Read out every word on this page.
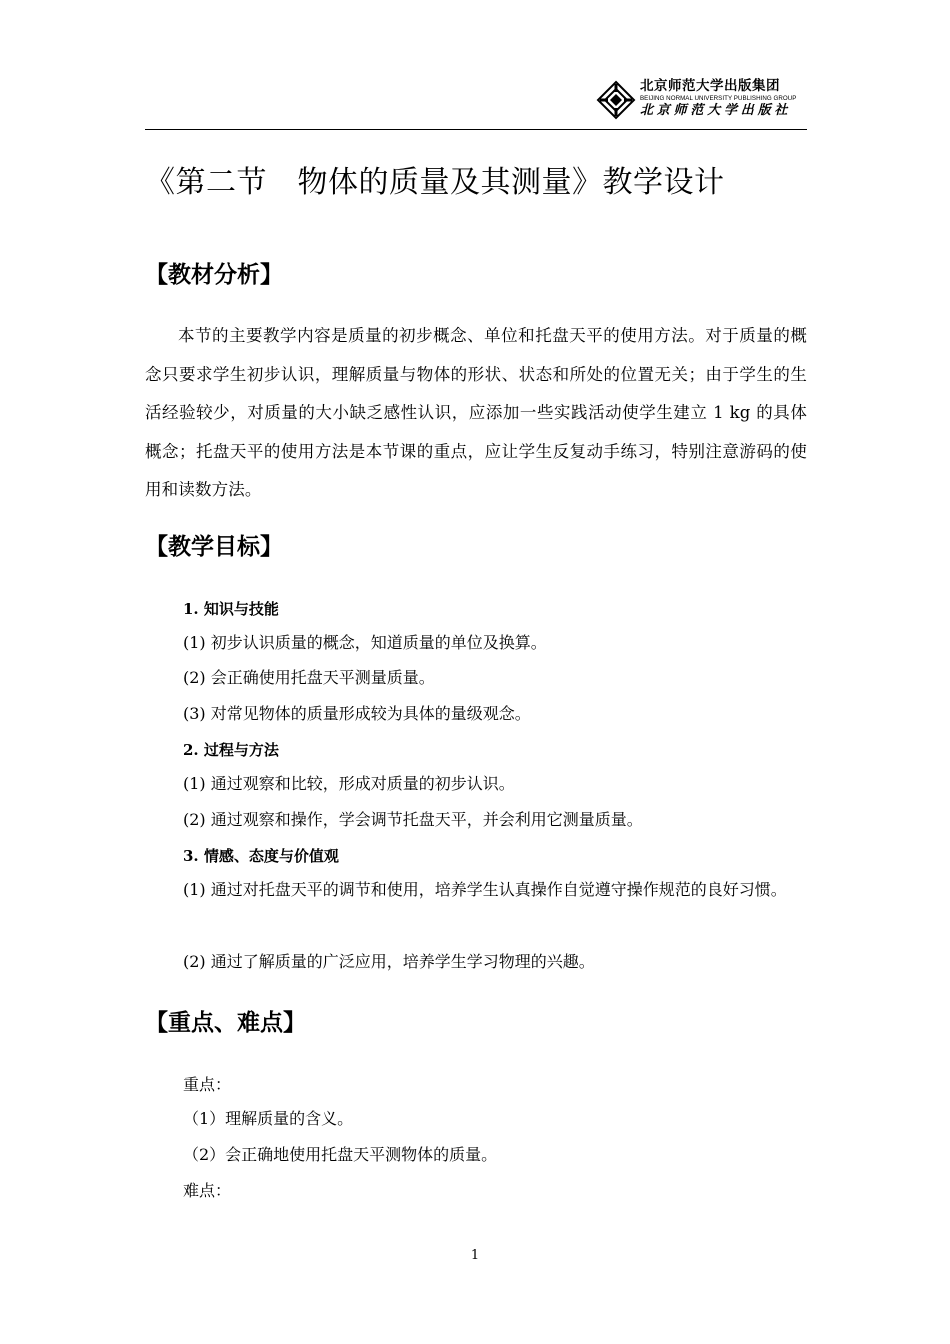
北京师范大学出版集团
BEIJING NORMAL UNIVERSITY PUBLISHING GROUP
北京师范大学出版社
《第二节　物体的质量及其测量》教学设计
【教材分析】

本节的主要教学内容是质量的初步概念、单位和托盘天平的使用方法。对于质量的概念只要求学生初步认识，理解质量与物体的形状、状态和所处的位置无关；由于学生的生活经验较少，对质量的大小缺乏感性认识，应添加一些实践活动使学生建立 1 kg 的具体概念；托盘天平的使用方法是本节课的重点，应让学生反复动手练习，特别注意游码的使用和读数方法。

【教学目标】

1. 知识与技能

(1) 初步认识质量的概念，知道质量的单位及换算。

(2) 会正确使用托盘天平测量质量。

(3) 对常见物体的质量形成较为具体的量级观念。

2. 过程与方法

(1) 通过观察和比较，形成对质量的初步认识。

(2) 通过观察和操作，学会调节托盘天平，并会利用它测量质量。

3. 情感、态度与价值观

(1) 通过对托盘天平的调节和使用，培养学生认真操作自觉遵守操作规范的良好习惯。

(2) 通过了解质量的广泛应用，培养学生学习物理的兴趣。

【重点、难点】

重点：

（1）理解质量的含义。

（2）会正确地使用托盘天平测物体的质量。

难点：

1
